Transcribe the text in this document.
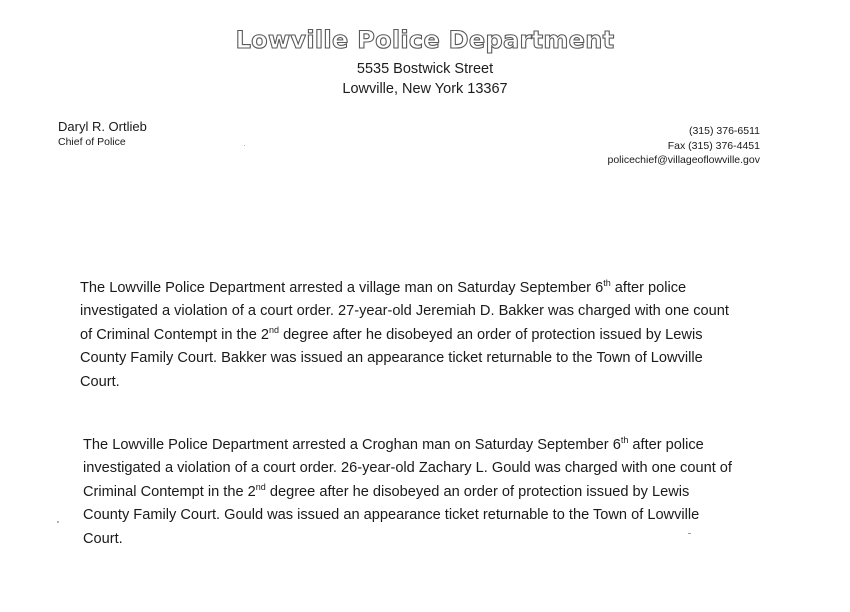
Lowville Police Department
5535 Bostwick Street
Lowville, New York 13367
Daryl R. Ortlieb
Chief of Police
(315) 376-6511
Fax (315) 376-4451
policechief@villageoflowville.gov
The Lowville Police Department arrested a village man on Saturday September 6th after police
investigated a violation of a court order. 27-year-old Jeremiah D. Bakker was charged with one count
of Criminal Contempt in the 2nd degree after he disobeyed an order of protection issued by Lewis
County Family Court. Bakker was issued an appearance ticket returnable to the Town of Lowville
Court.
The Lowville Police Department arrested a Croghan man on Saturday September 6th after police
investigated a violation of a court order. 26-year-old Zachary L. Gould was charged with one count of
Criminal Contempt in the 2nd degree after he disobeyed an order of protection issued by Lewis
County Family Court. Gould was issued an appearance ticket returnable to the Town of Lowville
Court.
